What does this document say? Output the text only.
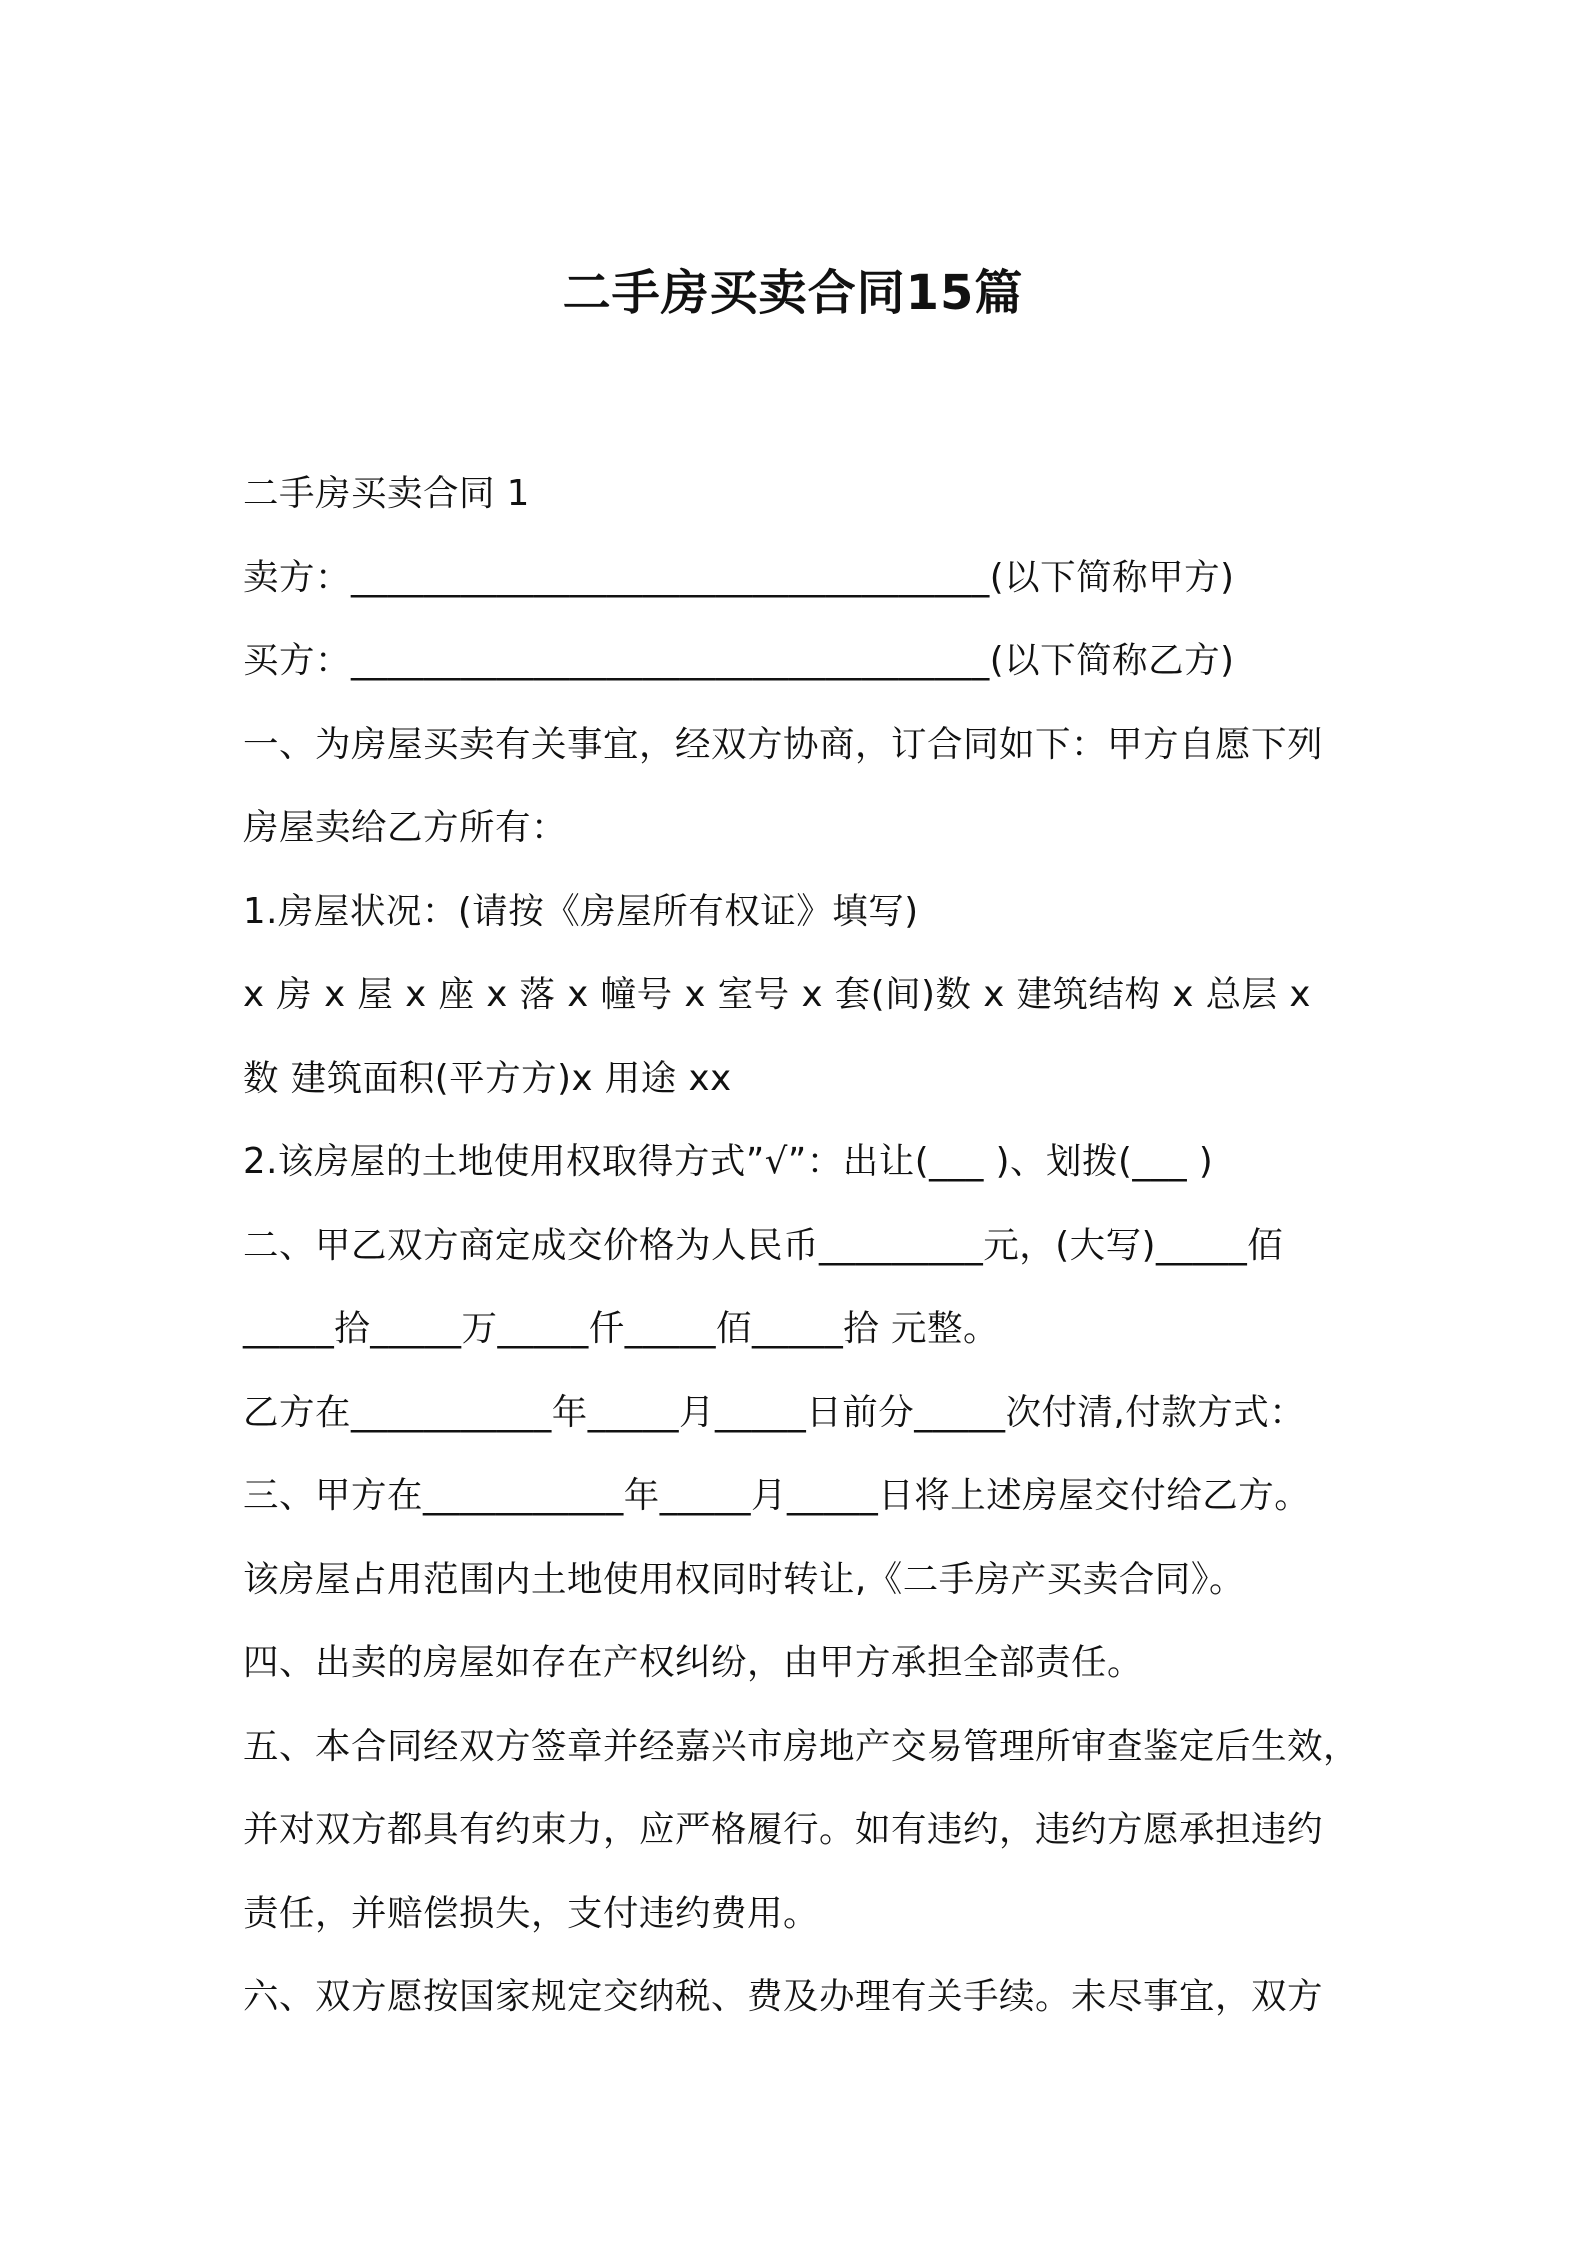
二手房买卖合同15篇
二手房买卖合同 1
卖方：___________________________________(以下简称甲方)
买方：___________________________________(以下简称乙方)
一、为房屋买卖有关事宜，经双方协商，订合同如下：甲方自愿下列
房屋卖给乙方所有：
1.房屋状况：(请按《房屋所有权证》填写)
x 房 x 屋 x 座 x 落 x 幢号 x 室号 x 套(间)数 x 建筑结构 x 总层 x
数 建筑面积(平方方)x 用途 xx
2.该房屋的土地使用权取得方式”√”：出让(___ )、划拨(___ )
二、甲乙双方商定成交价格为人民币_________元，(大写)_____佰
_____拾_____万_____仟_____佰_____拾 元整。
乙方在___________年_____月_____日前分_____次付清,付款方式：
三、甲方在___________年_____月_____日将上述房屋交付给乙方。
该房屋占用范围内土地使用权同时转让,《二手房产买卖合同》。
四、出卖的房屋如存在产权纠纷，由甲方承担全部责任。
五、本合同经双方签章并经嘉兴市房地产交易管理所审查鉴定后生效，
并对双方都具有约束力，应严格履行。如有违约，违约方愿承担违约
责任，并赔偿损失，支付违约费用。
六、双方愿按国家规定交纳税、费及办理有关手续。未尽事宜，双方
